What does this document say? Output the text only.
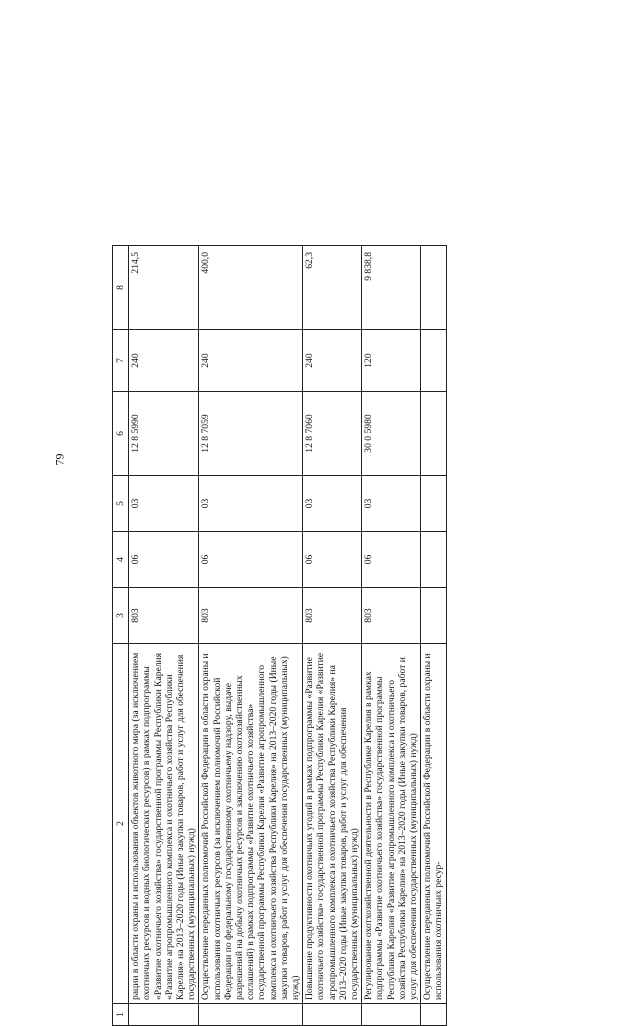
79
1	2	3	4	5	6	7	8
	рации в области охраны и использования объектов животного мира (за исключением охотничьих ресурсов и водных биологических ресурсов) в рамках подпрограммы «Развитие охотничьего хозяйства» государственной программы Республики Карелия «Развитие агропромышленного комплекса и охотничьего хозяйства Республики Карелия» на 2013–2020 годы (Иные закупки товаров, работ и услуг для обеспечения государственных (муниципальных) нужд)	803	06	03	12 8 5990	240	214,5
	Осуществление переданных полномочий Российской Федерации в области охраны и использования охотничьих ресурсов (за исключением полномочий Российской Федерации по федеральному государственному охотничьему надзору, выдаче разрешений на добычу охотничьих ресурсов и заключению охотхозяйственных соглашений) в рамках подпрограммы «Развитие охотничьего хозяйства» государственной программы Республики Карелия «Развитие агропромышленного комплекса и охотничьего хозяйства Республики Карелия» на 2013–2020 годы (Иные закупки товаров, работ и услуг для обеспечения государственных (муниципальных) нужд)	803	06	03	12 8 7059	240	400,0
	Повышение продуктивности охотничьих угодий в рамках подпрограммы «Развитие охотничьего хозяйства» государственной программы Республики Карелия «Развитие агропромышленного комплекса и охотничьего хозяйства Республики Карелия» на 2013–2020 годы (Иные закупки товаров, работ и услуг для обеспечения государственных (муниципальных) нужд)	803	06	03	12 8 7060	240	62,3
	Регулирование охотхозяйственной деятельности в Республике Карелия в рамках подпрограммы «Развитие охотничьего хозяйства» государственной программы Республики Карелия «Развитие агропромышленного комплекса и охотничьего хозяйства Республики Карелия» на 2013–2020 годы (Иные закупки товаров, работ и услуг для обеспечения государственных (муниципальных) нужд)	803	06	03	30 0 5980	120	9 838,8
	Осуществление переданных полномочий Российской Федерации в области охраны и использования охотничьих ресур-						
